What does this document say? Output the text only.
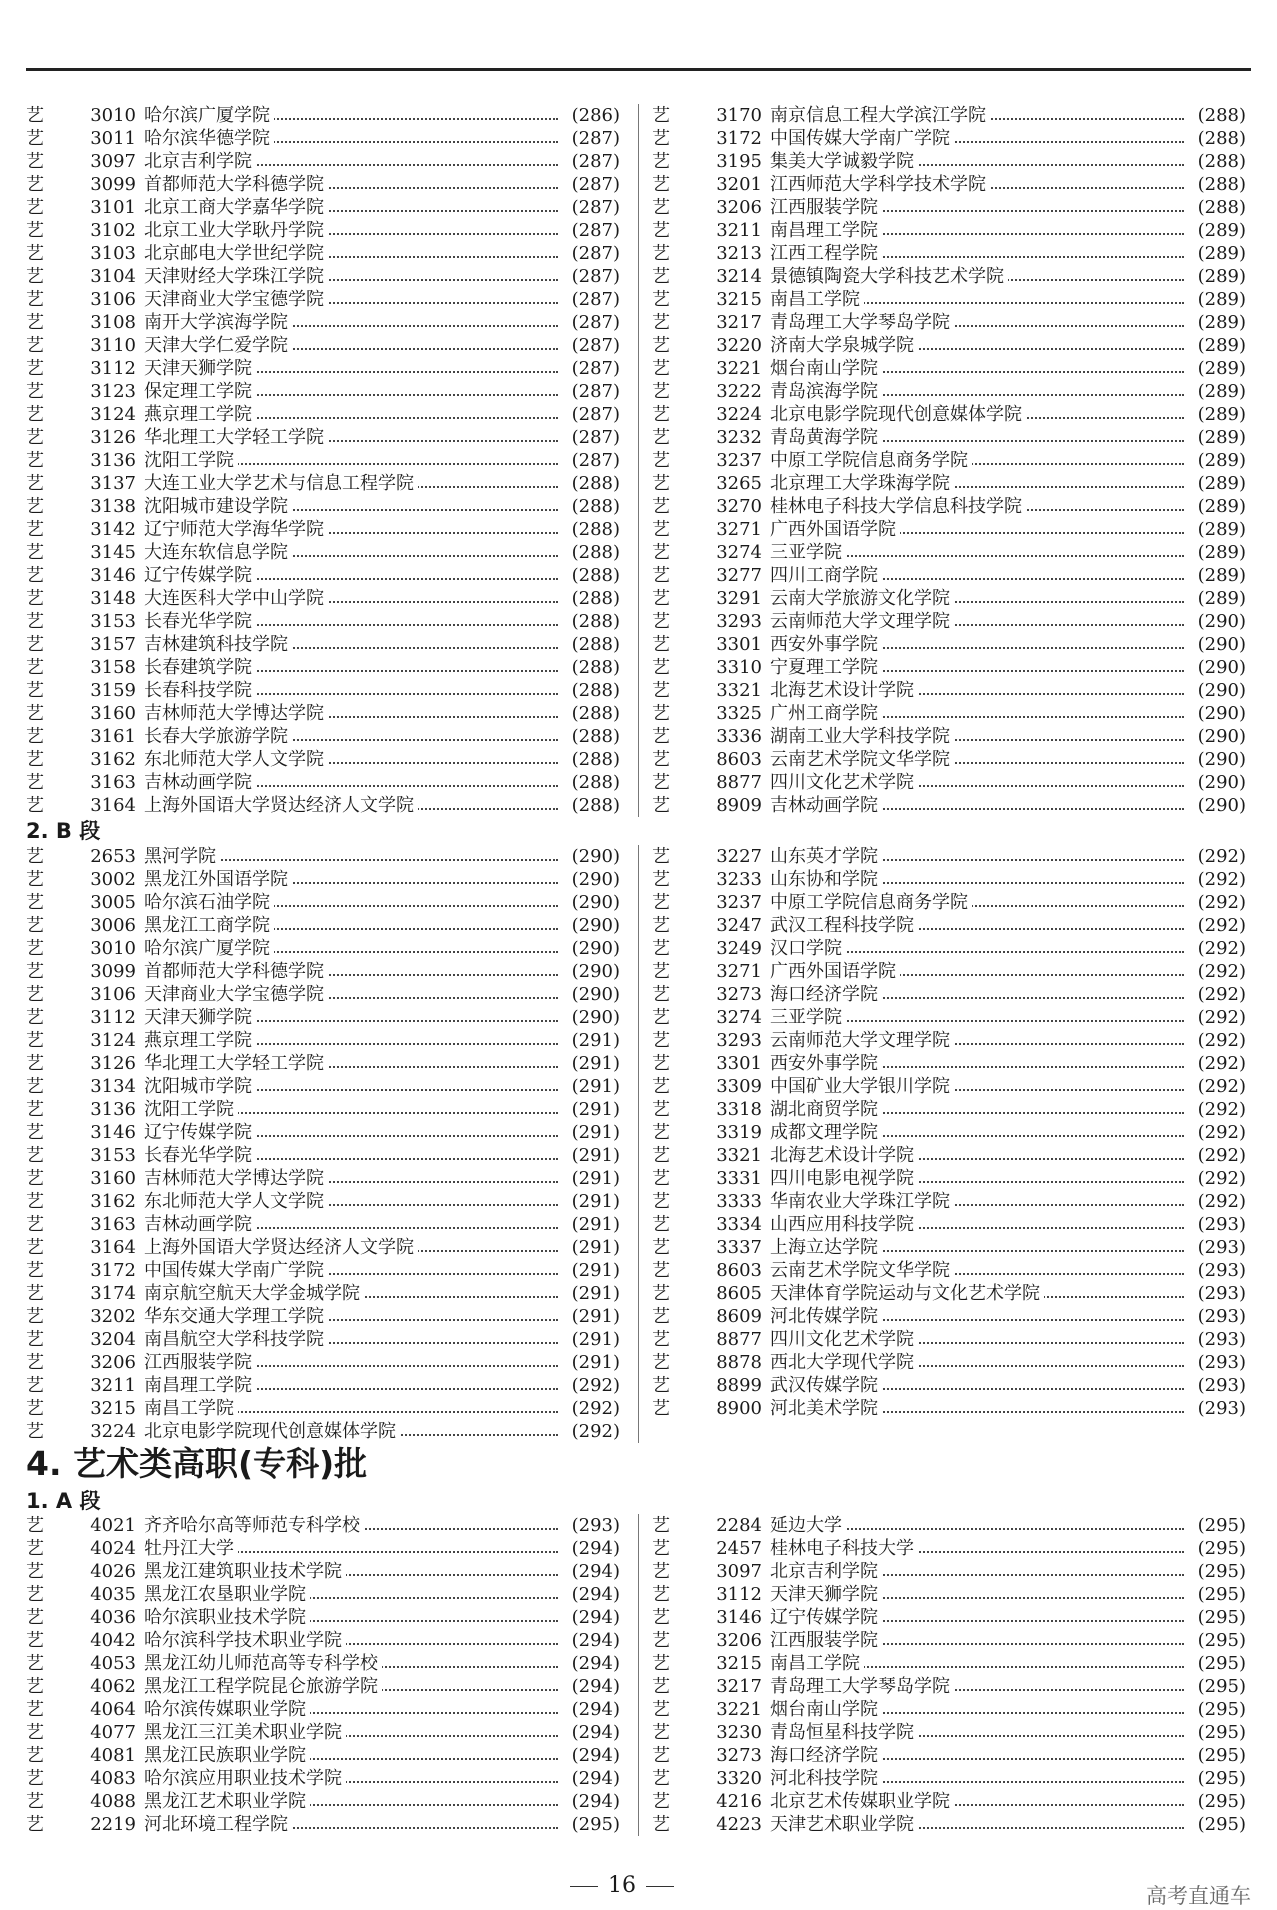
艺	3010 哈尔滨广厦学院	(286)
艺	3011 哈尔滨华德学院	(287)
艺	3097 北京吉利学院	(287)
艺	3099 首都师范大学科德学院	(287)
艺	3101 北京工商大学嘉华学院	(287)
艺	3102 北京工业大学耿丹学院	(287)
艺	3103 北京邮电大学世纪学院	(287)
艺	3104 天津财经大学珠江学院	(287)
艺	3106 天津商业大学宝德学院	(287)
艺	3108 南开大学滨海学院	(287)
艺	3110 天津大学仁爱学院	(287)
艺	3112 天津天狮学院	(287)
艺	3123 保定理工学院	(287)
艺	3124 燕京理工学院	(287)
艺	3126 华北理工大学轻工学院	(287)
艺	3136 沈阳工学院	(287)
艺	3137 大连工业大学艺术与信息工程学院	(288)
艺	3138 沈阳城市建设学院	(288)
艺	3142 辽宁师范大学海华学院	(288)
艺	3145 大连东软信息学院	(288)
艺	3146 辽宁传媒学院	(288)
艺	3148 大连医科大学中山学院	(288)
艺	3153 长春光华学院	(288)
艺	3157 吉林建筑科技学院	(288)
艺	3158 长春建筑学院	(288)
艺	3159 长春科技学院	(288)
艺	3160 吉林师范大学博达学院	(288)
艺	3161 长春大学旅游学院	(288)
艺	3162 东北师范大学人文学院	(288)
艺	3163 吉林动画学院	(288)
艺	3164 上海外国语大学贤达经济人文学院	(288)
艺	3170 南京信息工程大学滨江学院	(288)
艺	3172 中国传媒大学南广学院	(288)
艺	3195 集美大学诚毅学院	(288)
艺	3201 江西师范大学科学技术学院	(288)
艺	3206 江西服装学院	(288)
艺	3211 南昌理工学院	(289)
艺	3213 江西工程学院	(289)
艺	3214 景德镇陶瓷大学科技艺术学院	(289)
艺	3215 南昌工学院	(289)
艺	3217 青岛理工大学琴岛学院	(289)
艺	3220 济南大学泉城学院	(289)
艺	3221 烟台南山学院	(289)
艺	3222 青岛滨海学院	(289)
艺	3224 北京电影学院现代创意媒体学院	(289)
艺	3232 青岛黄海学院	(289)
艺	3237 中原工学院信息商务学院	(289)
艺	3265 北京理工大学珠海学院	(289)
艺	3270 桂林电子科技大学信息科技学院	(289)
艺	3271 广西外国语学院	(289)
艺	3274 三亚学院	(289)
艺	3277 四川工商学院	(289)
艺	3291 云南大学旅游文化学院	(289)
艺	3293 云南师范大学文理学院	(290)
艺	3301 西安外事学院	(290)
艺	3310 宁夏理工学院	(290)
艺	3321 北海艺术设计学院	(290)
艺	3325 广州工商学院	(290)
艺	3336 湖南工业大学科技学院	(290)
艺	8603 云南艺术学院文华学院	(290)
艺	8877 四川文化艺术学院	(290)
艺	8909 吉林动画学院	(290)
2. B 段
艺	2653 黑河学院	(290)
艺	3002 黑龙江外国语学院	(290)
艺	3005 哈尔滨石油学院	(290)
艺	3006 黑龙江工商学院	(290)
艺	3010 哈尔滨广厦学院	(290)
艺	3099 首都师范大学科德学院	(290)
艺	3106 天津商业大学宝德学院	(290)
艺	3112 天津天狮学院	(290)
艺	3124 燕京理工学院	(291)
艺	3126 华北理工大学轻工学院	(291)
艺	3134 沈阳城市学院	(291)
艺	3136 沈阳工学院	(291)
艺	3146 辽宁传媒学院	(291)
艺	3153 长春光华学院	(291)
艺	3160 吉林师范大学博达学院	(291)
艺	3162 东北师范大学人文学院	(291)
艺	3163 吉林动画学院	(291)
艺	3164 上海外国语大学贤达经济人文学院	(291)
艺	3172 中国传媒大学南广学院	(291)
艺	3174 南京航空航天大学金城学院	(291)
艺	3202 华东交通大学理工学院	(291)
艺	3204 南昌航空大学科技学院	(291)
艺	3206 江西服装学院	(291)
艺	3211 南昌理工学院	(292)
艺	3215 南昌工学院	(292)
艺	3224 北京电影学院现代创意媒体学院	(292)
艺	3227 山东英才学院	(292)
艺	3233 山东协和学院	(292)
艺	3237 中原工学院信息商务学院	(292)
艺	3247 武汉工程科技学院	(292)
艺	3249 汉口学院	(292)
艺	3271 广西外国语学院	(292)
艺	3273 海口经济学院	(292)
艺	3274 三亚学院	(292)
艺	3293 云南师范大学文理学院	(292)
艺	3301 西安外事学院	(292)
艺	3309 中国矿业大学银川学院	(292)
艺	3318 湖北商贸学院	(292)
艺	3319 成都文理学院	(292)
艺	3321 北海艺术设计学院	(292)
艺	3331 四川电影电视学院	(292)
艺	3333 华南农业大学珠江学院	(292)
艺	3334 山西应用科技学院	(293)
艺	3337 上海立达学院	(293)
艺	8603 云南艺术学院文华学院	(293)
艺	8605 天津体育学院运动与文化艺术学院	(293)
艺	8609 河北传媒学院	(293)
艺	8877 四川文化艺术学院	(293)
艺	8878 西北大学现代学院	(293)
艺	8899 武汉传媒学院	(293)
艺	8900 河北美术学院	(293)
4. 艺术类高职(专科)批
1. A 段
艺	4021 齐齐哈尔高等师范专科学校	(293)
艺	4024 牡丹江大学	(294)
艺	4026 黑龙江建筑职业技术学院	(294)
艺	4035 黑龙江农垦职业学院	(294)
艺	4036 哈尔滨职业技术学院	(294)
艺	4042 哈尔滨科学技术职业学院	(294)
艺	4053 黑龙江幼儿师范高等专科学校	(294)
艺	4062 黑龙江工程学院昆仑旅游学院	(294)
艺	4064 哈尔滨传媒职业学院	(294)
艺	4077 黑龙江三江美术职业学院	(294)
艺	4081 黑龙江民族职业学院	(294)
艺	4083 哈尔滨应用职业技术学院	(294)
艺	4088 黑龙江艺术职业学院	(294)
艺	2219 河北环境工程学院	(295)
艺	2284 延边大学	(295)
艺	2457 桂林电子科技大学	(295)
艺	3097 北京吉利学院	(295)
艺	3112 天津天狮学院	(295)
艺	3146 辽宁传媒学院	(295)
艺	3206 江西服装学院	(295)
艺	3215 南昌工学院	(295)
艺	3217 青岛理工大学琴岛学院	(295)
艺	3221 烟台南山学院	(295)
艺	3230 青岛恒星科技学院	(295)
艺	3273 海口经济学院	(295)
艺	3320 河北科技学院	(295)
艺	4216 北京艺术传媒职业学院	(295)
艺	4223 天津艺术职业学院	(295)
16	高考直通车
